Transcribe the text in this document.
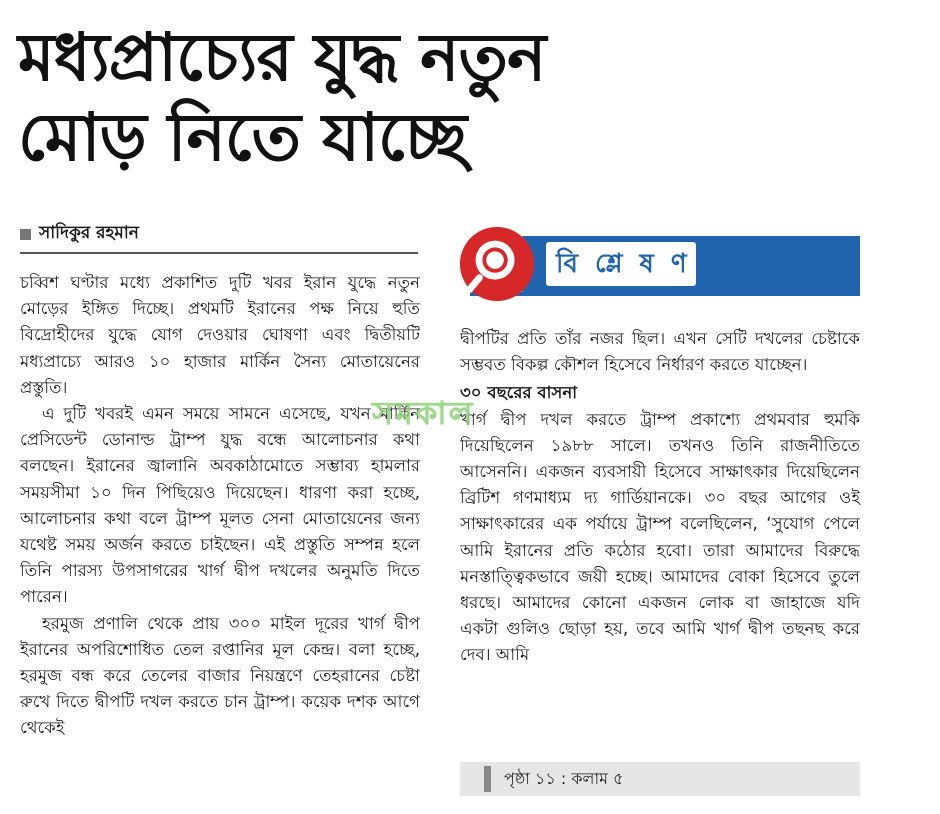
মধ্যপ্রাচ্যের যুদ্ধ নতুন
মোড় নিতে যাচ্ছে
সাদিকুর রহমান

চব্বিশ ঘণ্টার মধ্যে প্রকাশিত দুটি খবর ইরান যুদ্ধে নতুন মোড়ের ইঙ্গিত দিচ্ছে। প্রথমটি ইরানের পক্ষ নিয়ে হুতি বিদ্রোহীদের যুদ্ধে যোগ দেওয়ার ঘোষণা এবং দ্বিতীয়টি মধ্যপ্রাচ্যে আরও ১০ হাজার মার্কিন সৈন্য মোতায়েনের প্রস্তুতি।

এ দুটি খবরই এমন সময়ে সামনে এসেছে, যখন মার্কিন প্রেসিডেন্ট ডোনাল্ড ট্রাম্প যুদ্ধ বন্ধে আলোচনার কথা বলছেন। ইরানের জ্বালানি অবকাঠামোতে সম্ভাব্য হামলার সময়সীমা ১০ দিন পিছিয়েও দিয়েছেন। ধারণা করা হচ্ছে, আলোচনার কথা বলে ট্রাম্প মূলত সেনা মোতায়েনের জন্য যথেষ্ট সময় অর্জন করতে চাইছেন। এই প্রস্তুতি সম্পন্ন হলে তিনি পারস্য উপসাগরের খার্গ দ্বীপ দখলের অনুমতি দিতে পারেন।

হরমুজ প্রণালি থেকে প্রায় ৩০০ মাইল দূরের খার্গ দ্বীপ ইরানের অপরিশোধিত তেল রপ্তানির মূল কেন্দ্র। বলা হচ্ছে, হরমুজ বন্ধ করে তেলের বাজার নিয়ন্ত্রণে তেহরানের চেষ্টা রুখে দিতে দ্বীপটি দখল করতে চান ট্রাম্প। কয়েক দশক আগে থেকেই

বি শ্লে ষ ণ

দ্বীপটির প্রতি তাঁর নজর ছিল। এখন সেটি দখলের চেষ্টাকে সম্ভবত বিকল্প কৌশল হিসেবে নির্ধারণ করতে যাচ্ছেন।

৩০ বছরের বাসনা

খার্গ দ্বীপ দখল করতে ট্রাম্প প্রকাশ্যে প্রথমবার হুমকি দিয়েছিলেন ১৯৮৮ সালে। তখনও তিনি রাজনীতিতে আসেননি। একজন ব্যবসায়ী হিসেবে সাক্ষাৎকার দিয়েছিলেন ব্রিটিশ গণমাধ্যম দ্য গার্ডিয়ানকে। ৩০ বছর আগের ওই সাক্ষাৎকারের এক পর্যায়ে ট্রাম্প বলেছিলেন, ‘সুযোগ পেলে আমি ইরানের প্রতি কঠোর হবো। তারা আমাদের বিরুদ্ধে মনস্তাত্ত্বিকভাবে জয়ী হচ্ছে। আমাদের বোকা হিসেবে তুলে ধরছে। আমাদের কোনো একজন লোক বা জাহাজে যদি একটা গুলিও ছোড়া হয়, তবে আমি খার্গ দ্বীপ তছনছ করে দেব। আমি

সমকাল
পৃষ্ঠা ১১ : কলাম ৫
